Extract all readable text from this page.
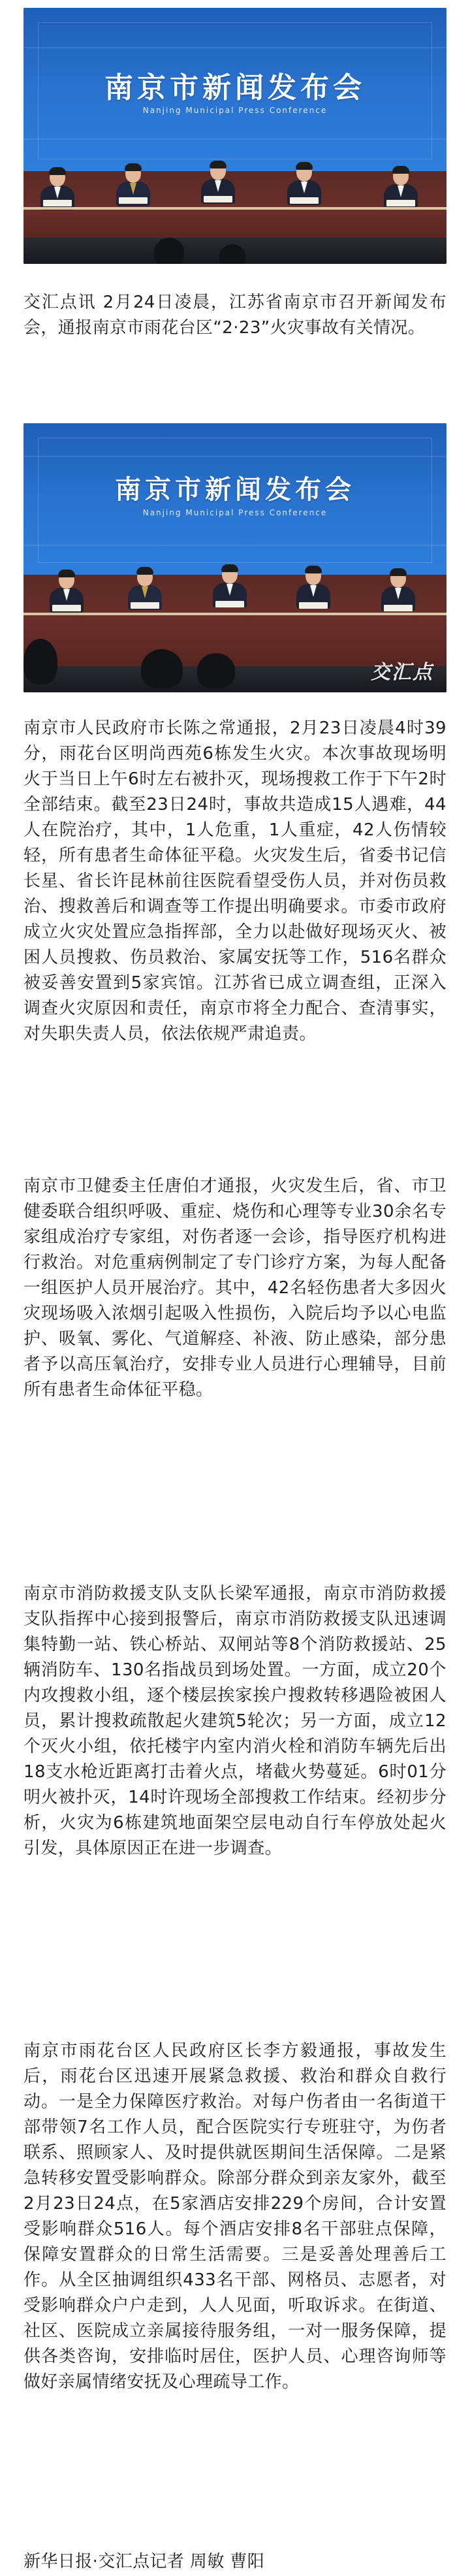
南京市新闻发布会
Nanjing Municipal Press Conference

交汇点讯 2月24日凌晨，江苏省南京市召开新闻发布会，通报南京市雨花台区“2·23”火灾事故有关情况。

南京市新闻发布会
Nanjing Municipal Press Conference
交汇点

南京市人民政府市长陈之常通报，2月23日凌晨4时39分，雨花台区明尚西苑6栋发生火灾。本次事故现场明火于当日上午6时左右被扑灭，现场搜救工作于下午2时全部结束。截至23日24时，事故共造成15人遇难，44人在院治疗，其中，1人危重，1人重症，42人伤情较轻，所有患者生命体征平稳。火灾发生后，省委书记信长星、省长许昆林前往医院看望受伤人员，并对伤员救治、搜救善后和调查等工作提出明确要求。市委市政府成立火灾处置应急指挥部，全力以赴做好现场灭火、被困人员搜救、伤员救治、家属安抚等工作，516名群众被妥善安置到5家宾馆。江苏省已成立调查组，正深入调查火灾原因和责任，南京市将全力配合、查清事实，对失职失责人员，依法依规严肃追责。

南京市卫健委主任唐伯才通报，火灾发生后，省、市卫健委联合组织呼吸、重症、烧伤和心理等专业30余名专家组成治疗专家组，对伤者逐一会诊，指导医疗机构进行救治。对危重病例制定了专门诊疗方案，为每人配备一组医护人员开展治疗。其中，42名轻伤患者大多因火灾现场吸入浓烟引起吸入性损伤，入院后均予以心电监护、吸氧、雾化、气道解痉、补液、防止感染，部分患者予以高压氧治疗，安排专业人员进行心理辅导，目前所有患者生命体征平稳。

南京市消防救援支队支队长梁军通报，南京市消防救援支队指挥中心接到报警后，南京市消防救援支队迅速调集特勤一站、铁心桥站、双闸站等8个消防救援站、25辆消防车、130名指战员到场处置。一方面，成立20个内攻搜救小组，逐个楼层挨家挨户搜救转移遇险被困人员，累计搜救疏散起火建筑5轮次；另一方面，成立12个灭火小组，依托楼宇内室内消火栓和消防车辆先后出18支水枪近距离打击着火点，堵截火势蔓延。6时01分明火被扑灭，14时许现场全部搜救工作结束。经初步分析，火灾为6栋建筑地面架空层电动自行车停放处起火引发，具体原因正在进一步调查。

南京市雨花台区人民政府区长李方毅通报，事故发生后，雨花台区迅速开展紧急救援、救治和群众自救行动。一是全力保障医疗救治。对每户伤者由一名街道干部带领7名工作人员，配合医院实行专班驻守，为伤者联系、照顾家人、及时提供就医期间生活保障。二是紧急转移安置受影响群众。除部分群众到亲友家外，截至2月23日24点，在5家酒店安排229个房间，合计安置受影响群众516人。每个酒店安排8名干部驻点保障，保障安置群众的日常生活需要。三是妥善处理善后工作。从全区抽调组织433名干部、网格员、志愿者，对受影响群众户户走到，人人见面，听取诉求。在街道、社区、医院成立亲属接待服务组，一对一服务保障，提供各类咨询，安排临时居住，医护人员、心理咨询师等做好亲属情绪安抚及心理疏导工作。

新华日报·交汇点记者 周敏 曹阳
